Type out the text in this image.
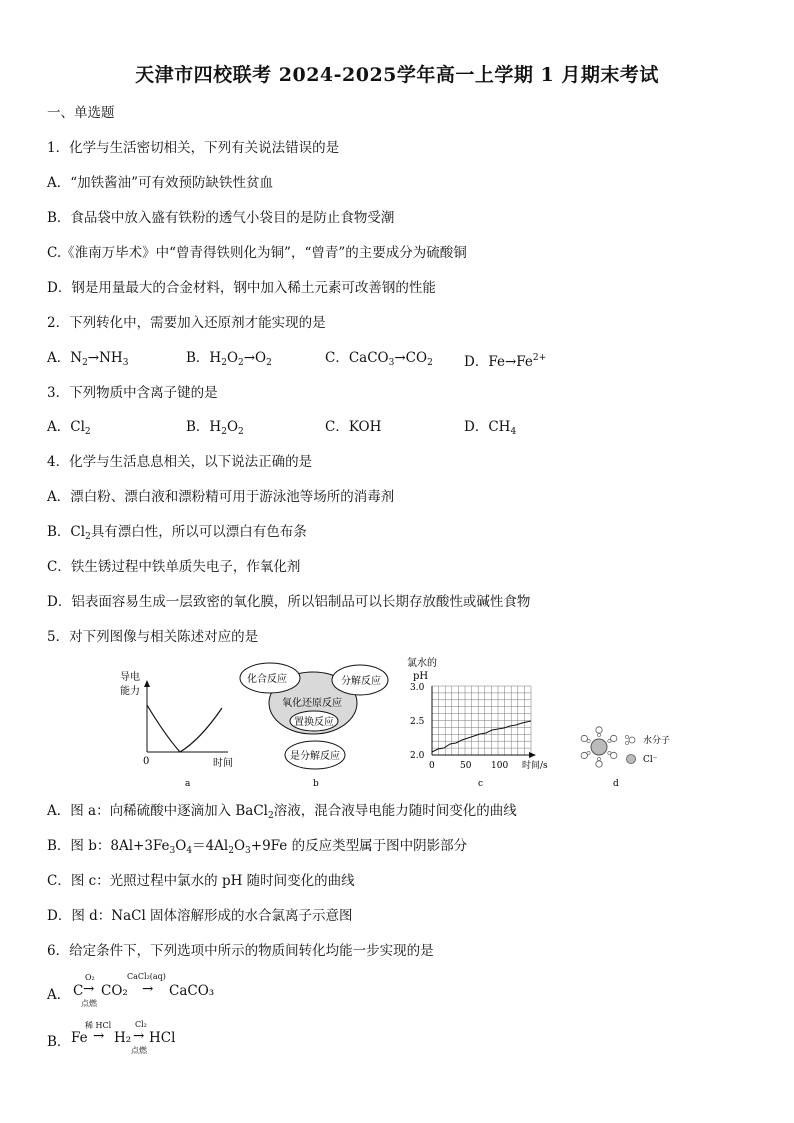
天津市四校联考 2024-2025学年高一上学期 1 月期末考试
一、单选题
1．化学与生活密切相关，下列有关说法错误的是
A．“加铁酱油”可有效预防缺铁性贫血
B．食品袋中放入盛有铁粉的透气小袋目的是防止食物受潮
C.《淮南万毕术》中“曾青得铁则化为铜”，“曾青”的主要成分为硫酸铜
D．钢是用量最大的合金材料，钢中加入稀土元素可改善钢的性能
2．下列转化中，需要加入还原剂才能实现的是
A．$N_2\to NH_3$	B．$H_2O_2\to O_2$	C．$CaCO_3\to CO_2$ D．$Fe\to Fe^{2+}$
3．下列物质中含离子键的是
A．$Cl_2$	B．$H_2O_2$	C．KOH	D．$CH_4$
4．化学与生活息息相关，以下说法正确的是
A．漂白粉、漂白液和漂粉精可用于游泳池等场所的消毒剂
B．$Cl_2$具有漂白性，所以可以漂白有色布条
C．铁生锈过程中铁单质失电子，作氧化剂
D．铝表面容易生成一层致密的氧化膜，所以铝制品可以长期存放酸性或碱性食物
5．对下列图像与相关陈述对应的是
导电
能力
0	时间
a
化合反应	分解反应
氧化还原反应
置换反应
是分解反应
b
氯水的
pH
3.0
2.5
2.0
0	50 100 时间/s
c
水分子
Cl⁻
d
A．图 a：向稀硫酸中逐滴加入 BaCl$_2$溶液，混合液导电能力随时间变化的曲线
B．图 b：$8Al+3Fe_3O_4=4Al_2O_3+9Fe$ 的反应类型属于图中阴影部分
C．图 c：光照过程中氯水的 pH 随时间变化的曲线
D．图 d：NaCl 固体溶解形成的水合氯离子示意图
6．给定条件下，下列选项中所示的物质间转化均能一步实现的是
A． C
O₂
→
点燃
CO₂
CaCl₂(aq)
→ CaCO₃
B． Fe
稀 HCl
→ H₂
Cl₂
→
点燃
HCl
